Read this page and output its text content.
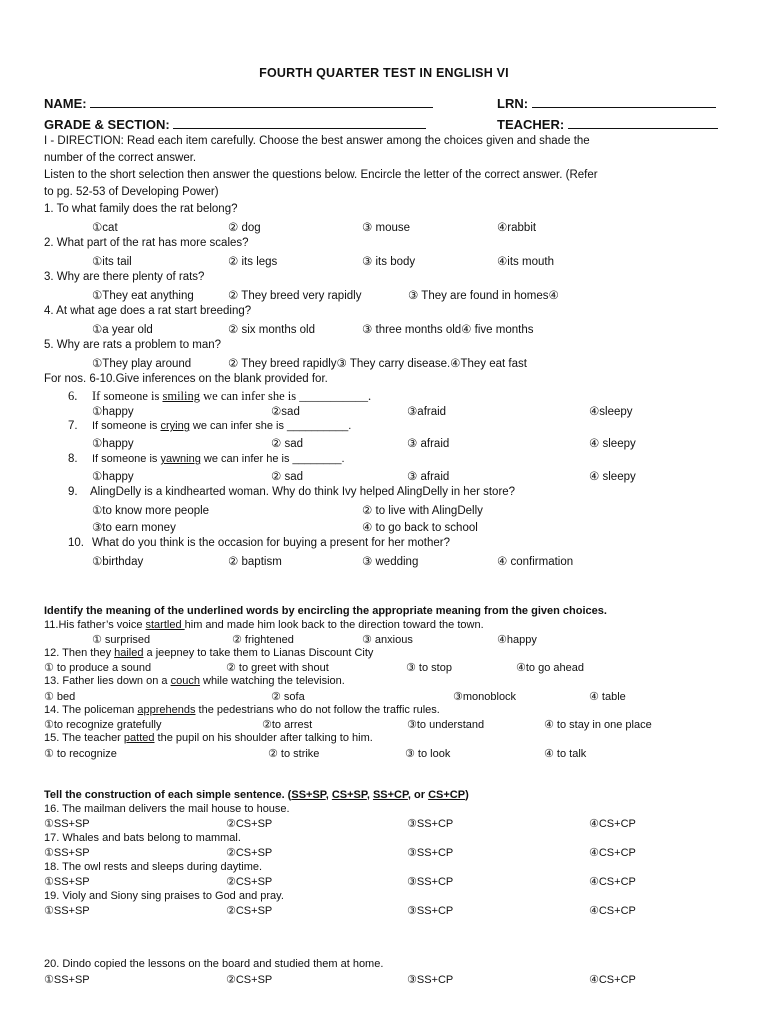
FOURTH QUARTER TEST IN ENGLISH VI
NAME:	LRN:
GRADE & SECTION:	TEACHER:
I - DIRECTION: Read each item carefully. Choose the best answer among the choices given and shade the
number of the correct answer.
Listen to the short selection then answer the questions below. Encircle the letter of the correct answer. (Refer
to pg. 52-53 of Developing Power)
1. To what family does the rat belong?
①cat	② dog	③ mouse	④rabbit
2. What part of the rat has more scales?
①its tail	② its legs	③ its body	④its mouth
3. Why are there plenty of rats?
①They eat anything	② They breed very rapidly	③ They are found in homes④
4. At what age does a rat start breeding?
①a year old	② six months old	③ three months old④ five months
5. Why are rats a problem to man?
①They play around	② They breed rapidly③ They carry disease.④They eat fast
For nos. 6-10.Give inferences on the blank provided for.
6. If someone is smiling we can infer she is ___________.
①happy	②sad	③afraid	④sleepy
7. If someone is crying we can infer she is __________.
①happy	② sad	③ afraid	④ sleepy
8. If someone is yawning we can infer he is ________.
①happy	② sad	③ afraid	④ sleepy
9. AlingDelly is a kindhearted woman. Why do think Ivy helped AlingDelly in her store?
①to know more people	② to live with AlingDelly
③to earn money	④ to go back to school
10. What do you think is the occasion for buying a present for her mother?
①birthday	② baptism	③ wedding	④ confirmation
Identify the meaning of the underlined words by encircling the appropriate meaning from the given choices.
11.His father’s voice startled him and made him look back to the direction toward the town.
① surprised	② frightened	③ anxious	④happy
12. Then they hailed a jeepney to take them to Lianas Discount City
① to produce a sound	② to greet with shout	③ to stop	④to go ahead
13. Father lies down on a couch while watching the television.
① bed	② sofa	③monoblock	④ table
14. The policeman apprehends the pedestrians who do not follow the traffic rules.
①to recognize gratefully	②to arrest	③to understand	④ to stay in one place
15. The teacher patted the pupil on his shoulder after talking to him.
① to recognize	② to strike	③ to look	④ to talk
Tell the construction of each simple sentence. (SS+SP, CS+SP, SS+CP, or CS+CP)
16. The mailman delivers the mail house to house.
①SS+SP	②CS+SP	③SS+CP	④CS+CP
17. Whales and bats belong to mammal.
①SS+SP	②CS+SP	③SS+CP	④CS+CP
18. The owl rests and sleeps during daytime.
①SS+SP	②CS+SP	③SS+CP	④CS+CP
19. Violy and Siony sing praises to God and pray.
①SS+SP	②CS+SP	③SS+CP	④CS+CP
20. Dindo copied the lessons on the board and studied them at home.
①SS+SP	②CS+SP	③SS+CP	④CS+CP
